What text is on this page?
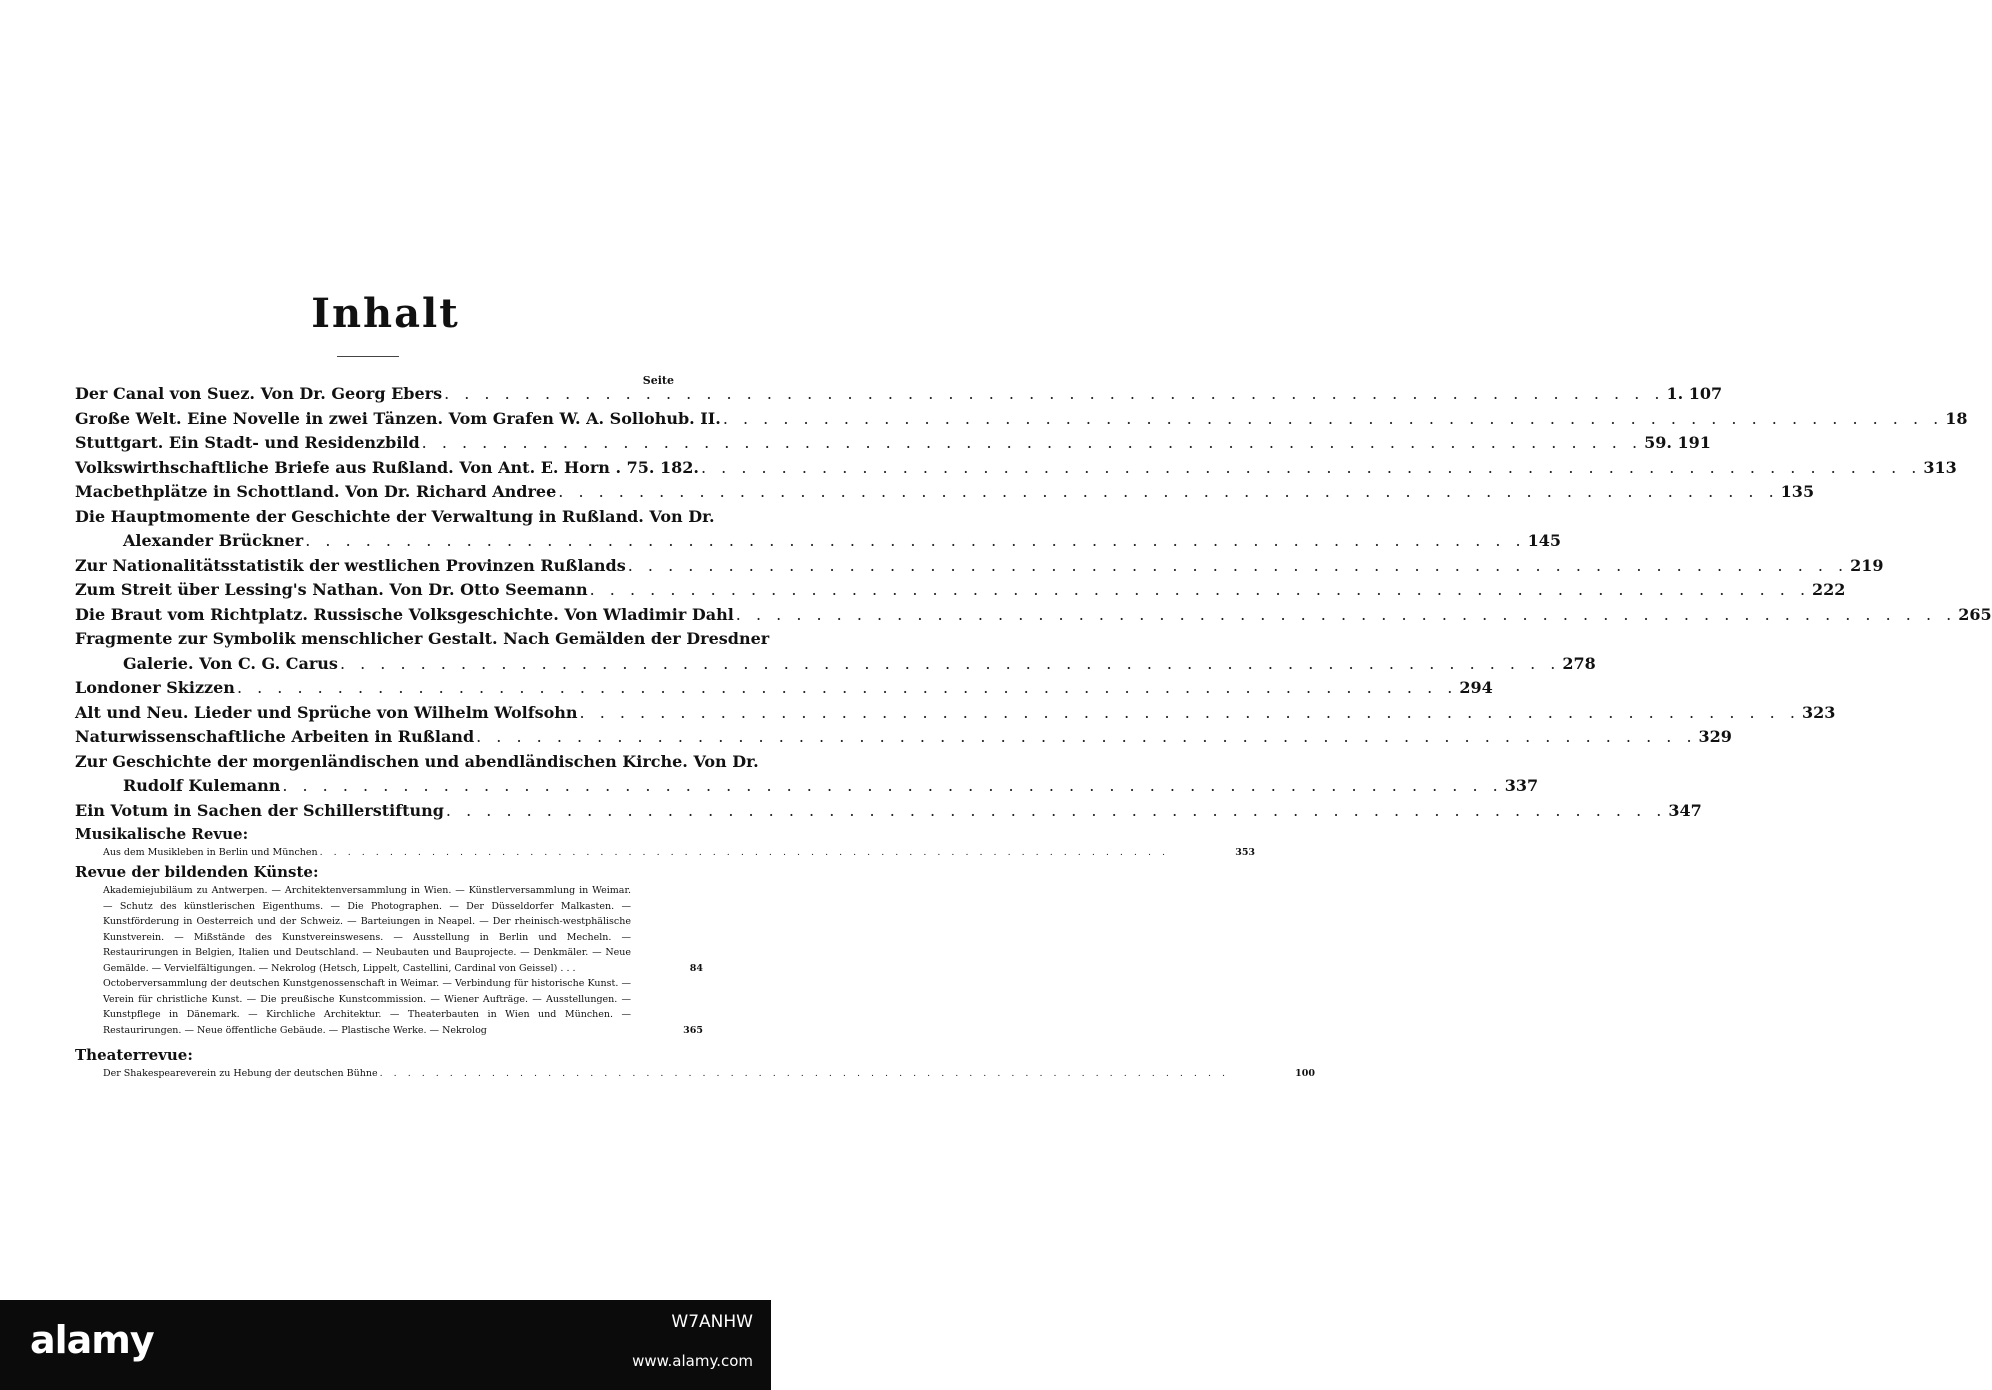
Inhalt
Seite
Der Canal von Suez. Von Dr. Georg Ebers . . .	1. 107
Große Welt. Eine Novelle in zwei Tänzen. Vom Grafen W. A. Sollohub. II. . . .	18
Stuttgart. Ein Stadt- und Residenzbild . . .	59. 191
Volkswirthschaftliche Briefe aus Rußland. Von Ant. E. Horn . 75. 182. . . .	313
Macbethplätze in Schottland. Von Dr. Richard Andree . . .	135
Die Hauptmomente der Geschichte der Verwaltung in Rußland. Von Dr.
Alexander Brückner . . .	145
Zur Nationalitätsstatistik der westlichen Provinzen Rußlands . . .	219
Zum Streit über Lessing's Nathan. Von Dr. Otto Seemann . . .	222
Die Braut vom Richtplatz. Russische Volksgeschichte. Von Wladimir Dahl . . .	265
Fragmente zur Symbolik menschlicher Gestalt. Nach Gemälden der Dresdner
Galerie. Von C. G. Carus . . .	278
Londoner Skizzen . . .	294
Alt und Neu. Lieder und Sprüche von Wilhelm Wolfsohn . . .	323
Naturwissenschaftliche Arbeiten in Rußland . . .	329
Zur Geschichte der morgenländischen und abendländischen Kirche. Von Dr.
Rudolf Kulemann . . .	337
Ein Votum in Sachen der Schillerstiftung . . .	347
Musikalische Revue:
Aus dem Musikleben in Berlin und München . . .	353
Revue der bildenden Künste:
Akademiejubiläum zu Antwerpen. — Architektenversammlung in Wien. — Künstlerversammlung in Weimar. — Schutz des künstlerischen Eigenthums. — Die Photographen. — Der Düsseldorfer Malkasten. — Kunstförderung in Oesterreich und der Schweiz. — Barteiungen in Neapel. — Der rheinisch-westphälische Kunstverein. — Mißstände des Kunstvereinswesens. — Ausstellung in Berlin und Mecheln. — Restaurirungen in Belgien, Italien und Deutschland. — Neubauten und Bauprojecte. — Denkmäler. — Neue Gemälde. — Vervielfältigungen. — Nekrolog (Hetsch, Lippelt, Castellini, Cardinal von Geissel) . . .	84
Octoberversammlung der deutschen Kunstgenossenschaft in Weimar. — Verbindung für historische Kunst. — Verein für christliche Kunst. — Die preußische Kunstcommission. — Wiener Aufträge. — Ausstellungen. — Kunstpflege in Dänemark. — Kirchliche Architektur. — Theaterbauten in Wien und München. — Restaurirungen. — Neue öffentliche Gebäude. — Plastische Werke. — Nekrolog	365
Theaterrevue:
Der Shakespeareverein zu Hebung der deutschen Bühne . . .	100
alamy	W7ANHW
www.alamy.com
